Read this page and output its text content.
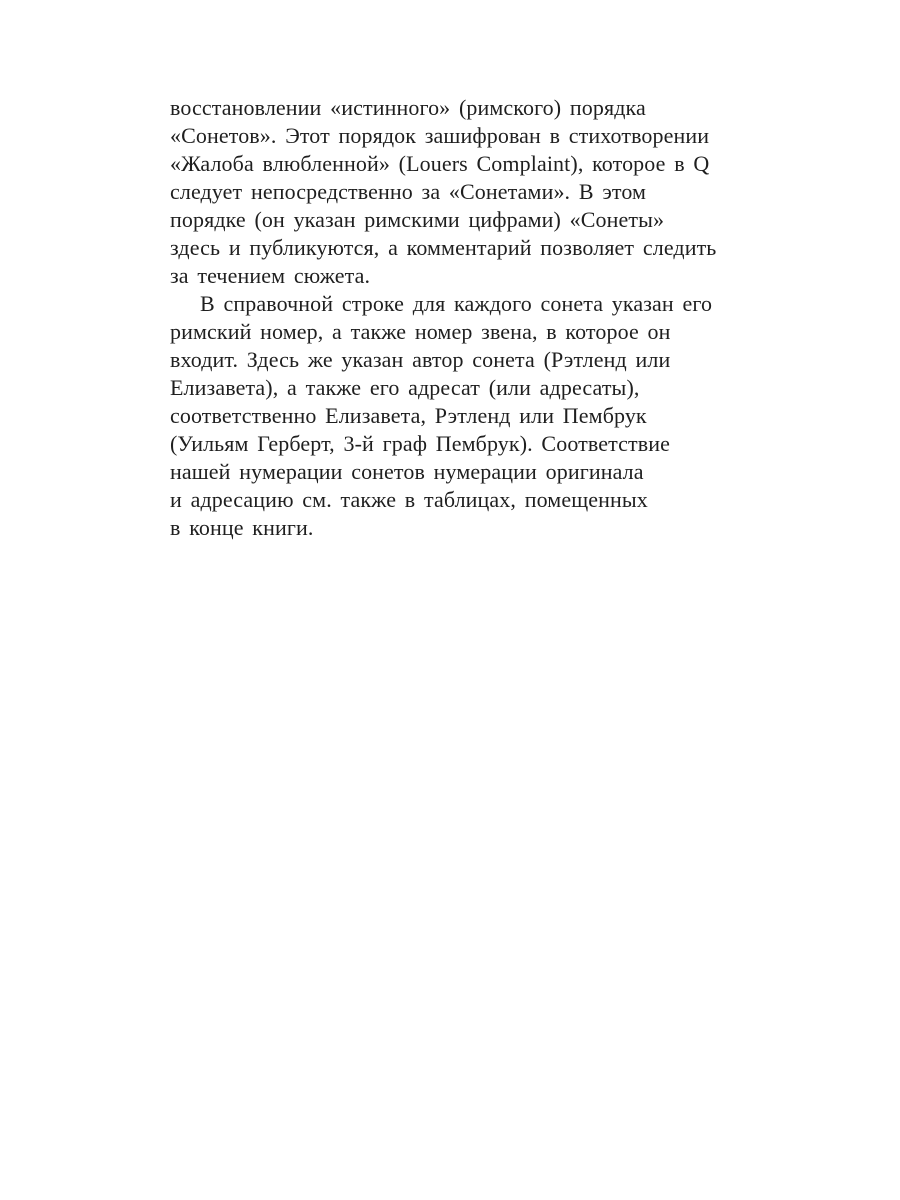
восстановлении «истинного» (римского) порядка
«Сонетов». Этот порядок зашифрован в стихотворении
«Жалоба влюбленной» (Louers Complaint), которое в Q
следует непосредственно за «Сонетами». В этом
порядке (он указан римскими цифрами) «Сонеты»
здесь и публикуются, а комментарий позволяет следить
за течением сюжета.
В справочной строке для каждого сонета указан его
римский номер, а также номер звена, в которое он
входит. Здесь же указан автор сонета (Рэтленд или
Елизавета), а также его адресат (или адресаты),
соответственно Елизавета, Рэтленд или Пембрук
(Уильям Герберт, 3-й граф Пембрук). Соответствие
нашей нумерации сонетов нумерации оригинала
и адресацию см. также в таблицах, помещенных
в конце книги.
